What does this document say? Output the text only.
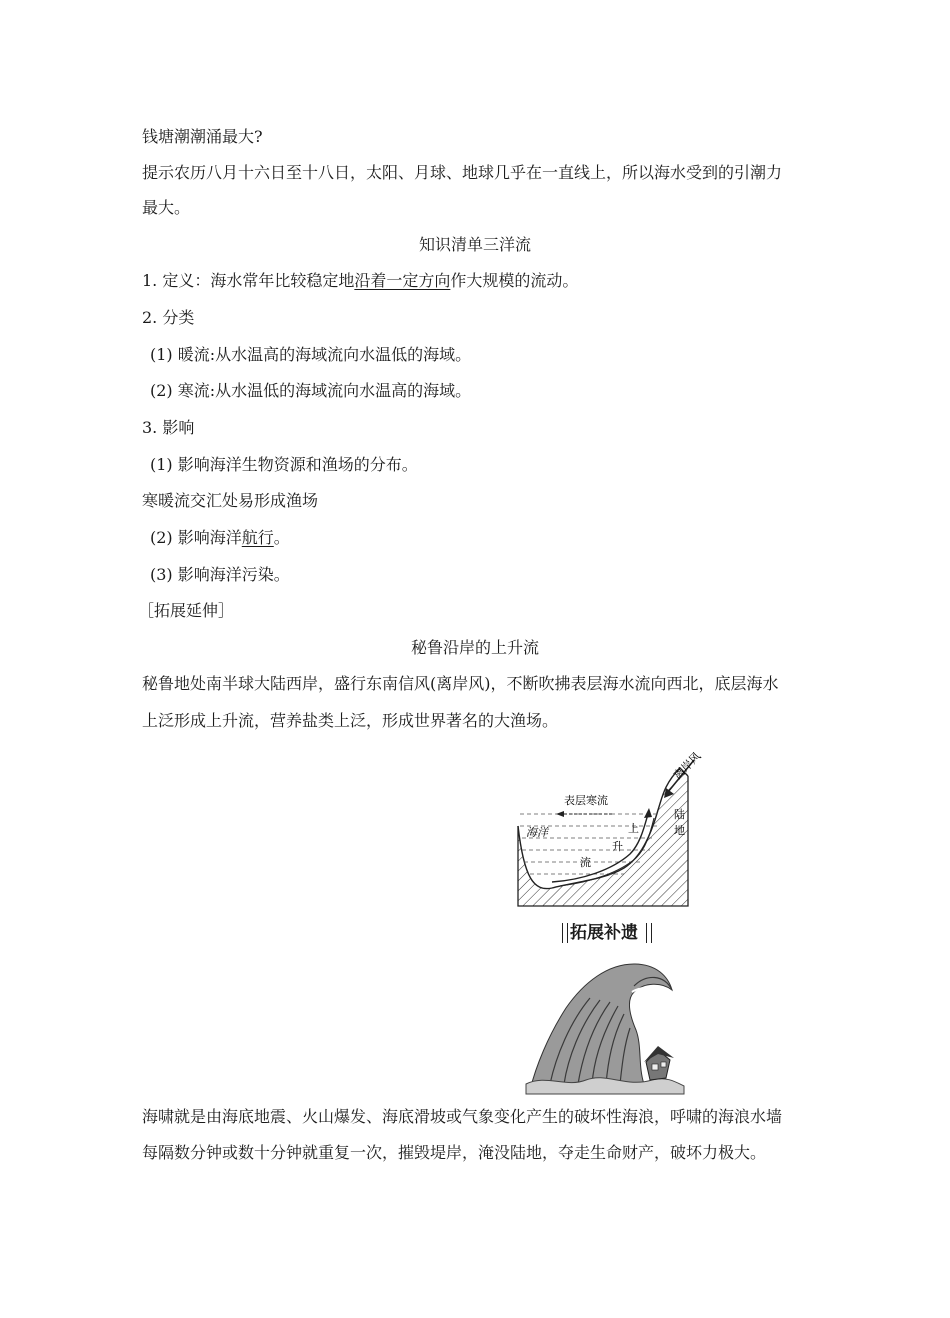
钱塘潮潮涌最大?
提示农历八月十六日至十八日，太阳、月球、地球几乎在一直线上，所以海水受到的引潮力
最大。
知识清单三洋流
1. 定义：海水常年比较稳定地沿着一定方向作大规模的流动。
2. 分类
(1) 暖流:从水温高的海域流向水温低的海域。
(2) 寒流:从水温低的海域流向水温高的海域。
3. 影响
(1) 影响海洋生物资源和渔场的分布。
寒暖流交汇处易形成渔场
(2) 影响海洋航行。
(3) 影响海洋污染。
［拓展延伸］
秘鲁沿岸的上升流
秘鲁地处南半球大陆西岸，盛行东南信风(离岸风)，不断吹拂表层海水流向西北，底层海水
上泛形成上升流，营养盐类上泛，形成世界著名的大渔场。
离岸风
表层寒流
海洋
陆
地
上
升
流
拓展补遗
海啸就是由海底地震、火山爆发、海底滑坡或气象变化产生的破坏性海浪，呼啸的海浪水墙
每隔数分钟或数十分钟就重复一次，摧毁堤岸，淹没陆地，夺走生命财产，破坏力极大。
